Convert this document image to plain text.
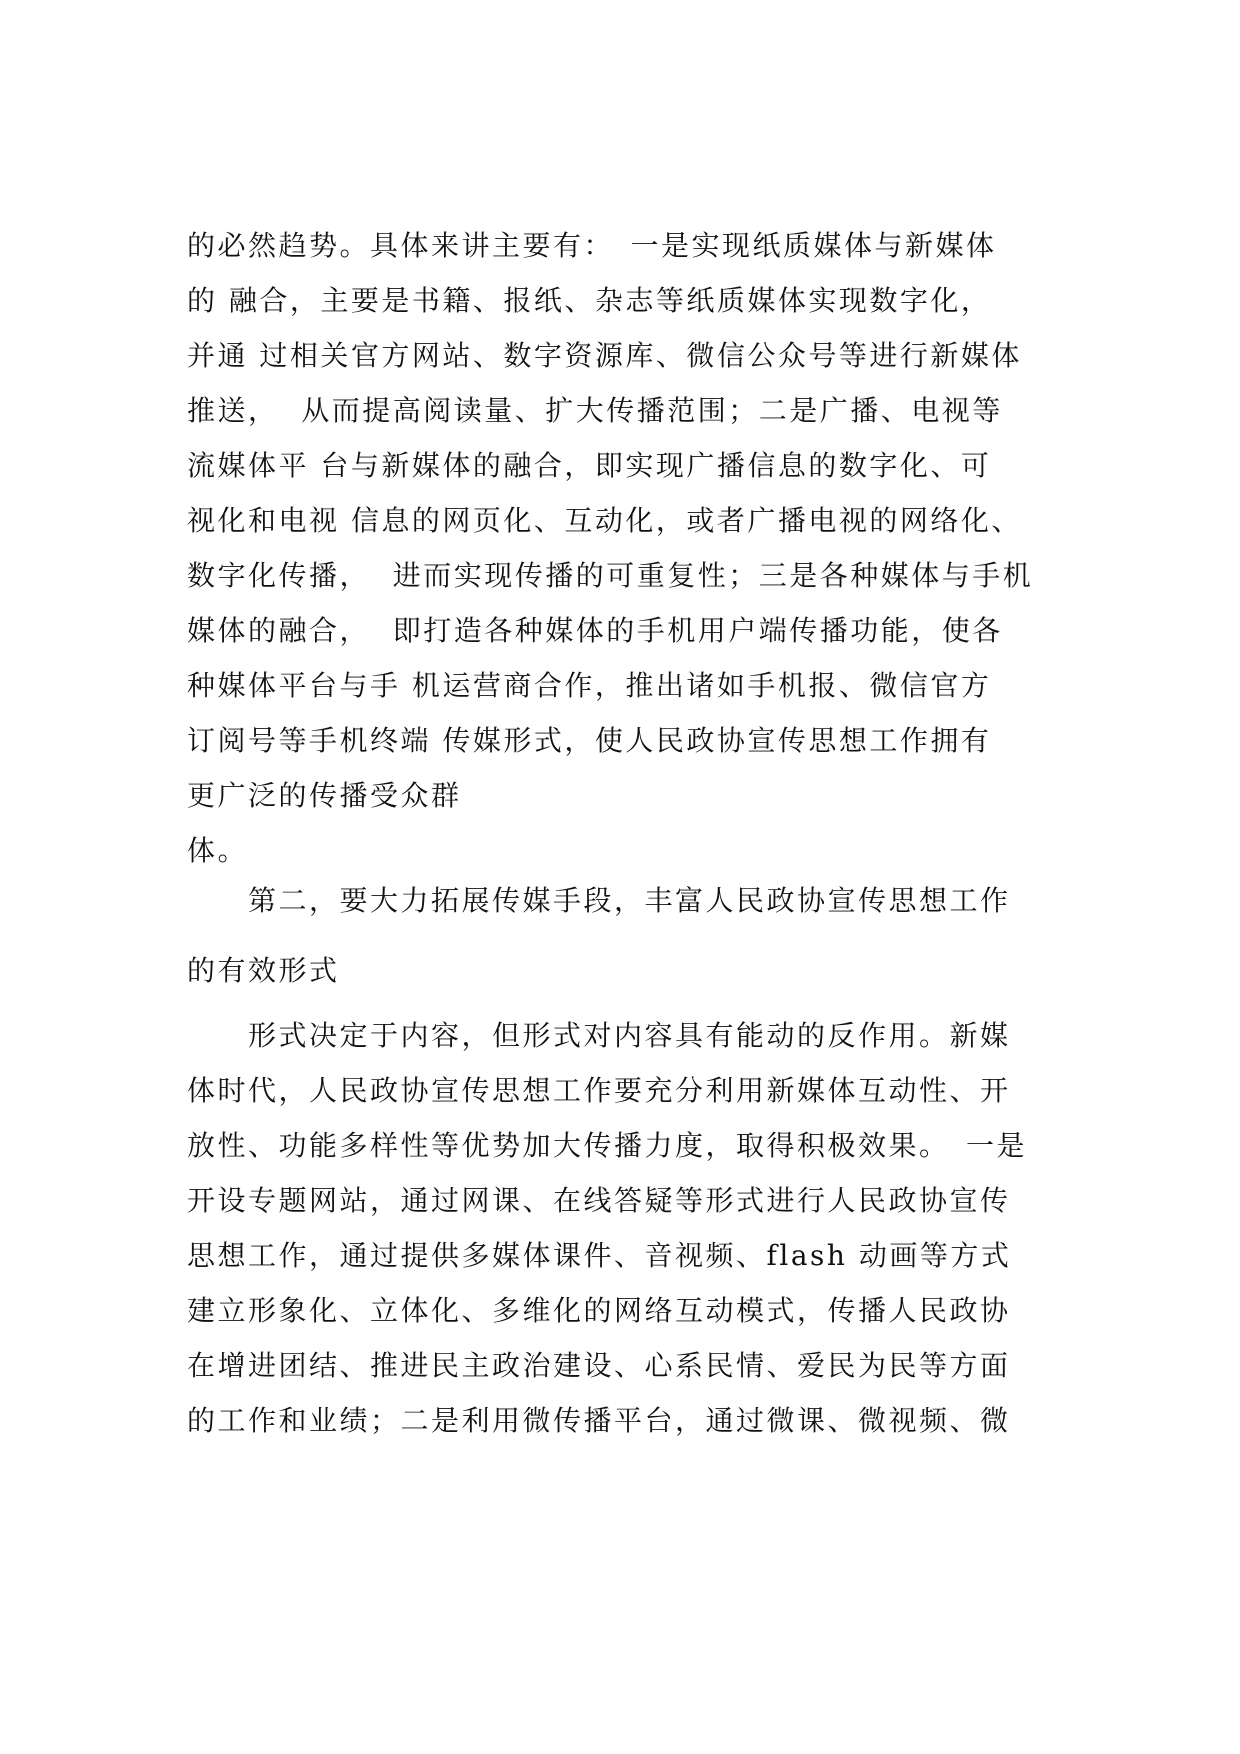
的必然趋势。具体来讲主要有：　一是实现纸质媒体与新媒体
的 融合，主要是书籍、报纸、杂志等纸质媒体实现数字化，
并通 过相关官方网站、数字资源库、微信公众号等进行新媒体
推送，  从而提高阅读量、扩大传播范围；二是广播、电视等
流媒体平 台与新媒体的融合，即实现广播信息的数字化、可
视化和电视 信息的网页化、互动化，或者广播电视的网络化、
数字化传播，  进而实现传播的可重复性；三是各种媒体与手机
媒体的融合，  即打造各种媒体的手机用户端传播功能，使各
种媒体平台与手 机运营商合作，推出诸如手机报、微信官方
订阅号等手机终端 传媒形式，使人民政协宣传思想工作拥有
更广泛的传播受众群
体。
　　第二，要大力拓展传媒手段，丰富人民政协宣传思想工作
的有效形式
　　形式决定于内容，但形式对内容具有能动的反作用。新媒
体时代，人民政协宣传思想工作要充分利用新媒体互动性、开
放性、功能多样性等优势加大传播力度，取得积极效果。　一是
开设专题网站，通过网课、在线答疑等形式进行人民政协宣传
思想工作，通过提供多媒体课件、音视频、flash 动画等方式
建立形象化、立体化、多维化的网络互动模式，传播人民政协
在增进团结、推进民主政治建设、心系民情、爱民为民等方面
的工作和业绩；二是利用微传播平台，通过微课、微视频、微
